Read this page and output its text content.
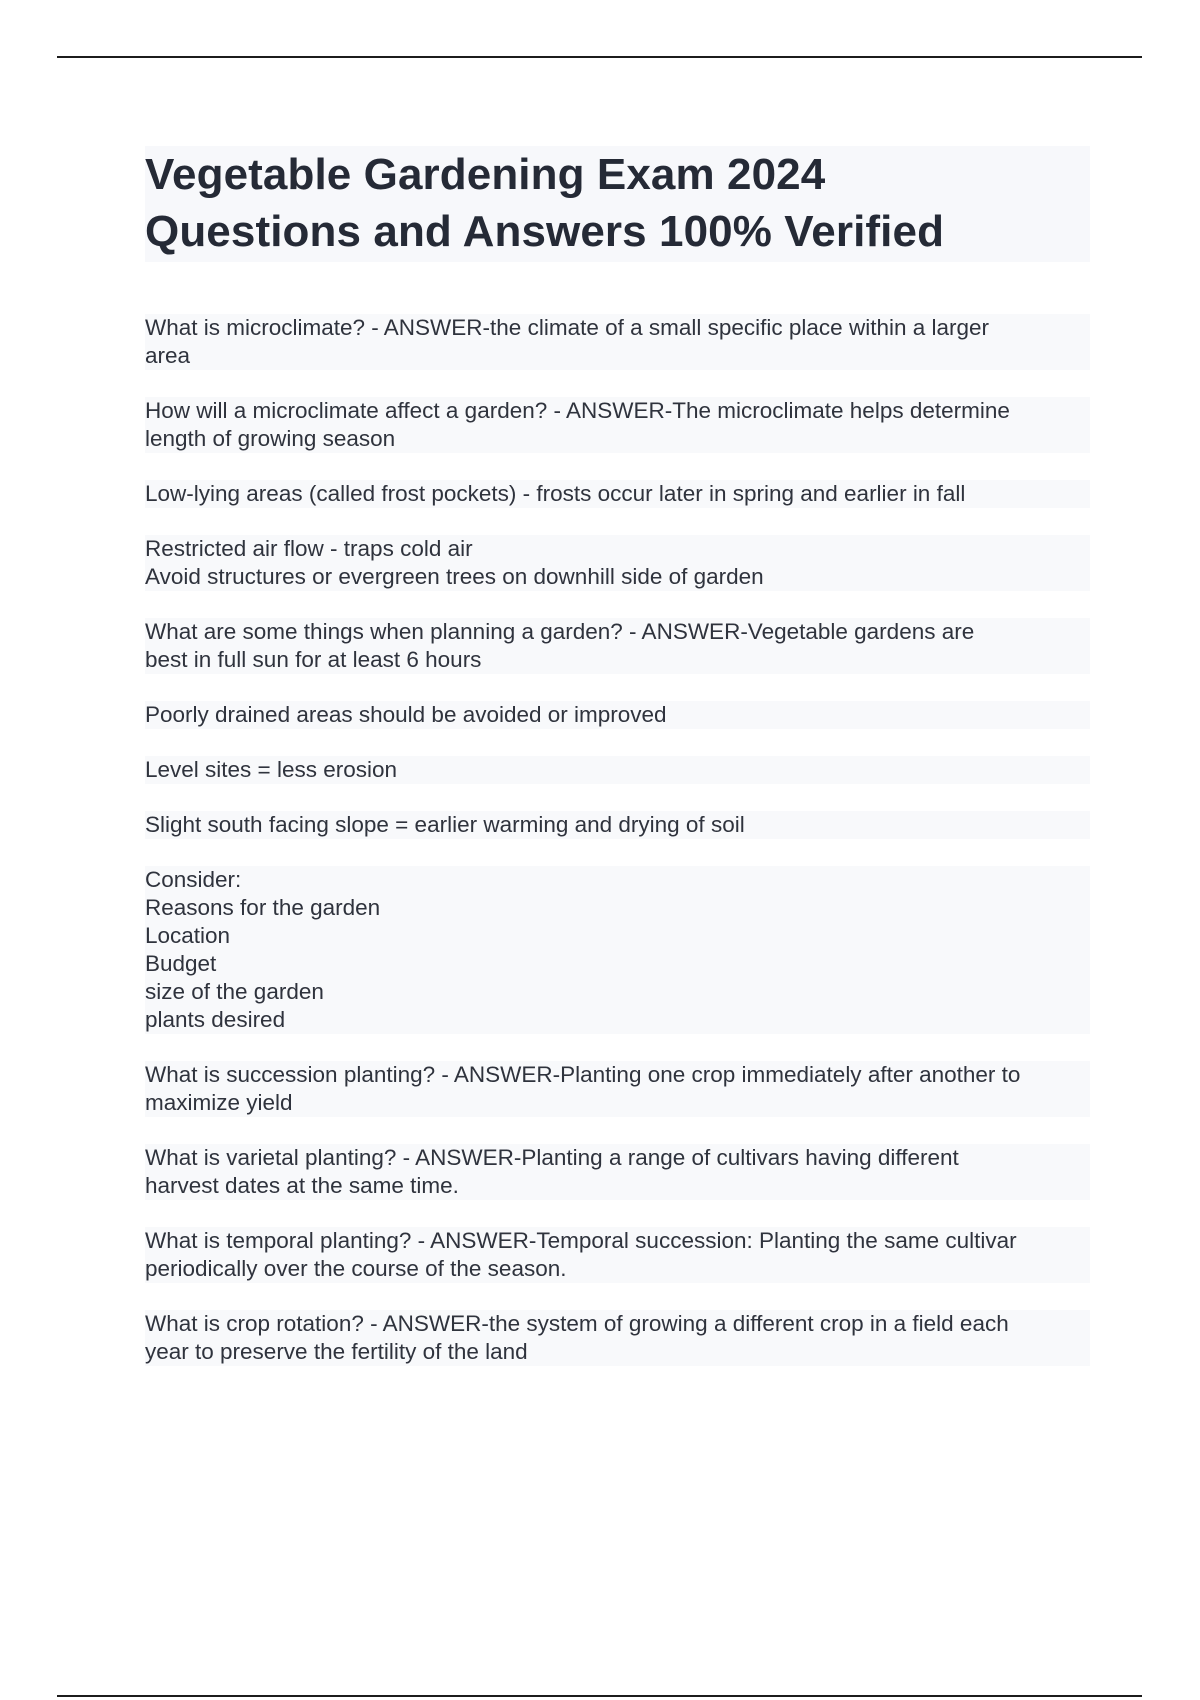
Vegetable Gardening Exam 2024
Questions and Answers 100% Verified
What is microclimate? - ANSWER-the climate of a small specific place within a larger
area
How will a microclimate affect a garden? - ANSWER-The microclimate helps determine
length of growing season
Low-lying areas (called frost pockets) - frosts occur later in spring and earlier in fall
Restricted air flow - traps cold air
Avoid structures or evergreen trees on downhill side of garden
What are some things when planning a garden? - ANSWER-Vegetable gardens are
best in full sun for at least 6 hours
Poorly drained areas should be avoided or improved
Level sites = less erosion
Slight south facing slope = earlier warming and drying of soil
Consider:
Reasons for the garden
Location
Budget
size of the garden
plants desired
What is succession planting? - ANSWER-Planting one crop immediately after another to
maximize yield
What is varietal planting? - ANSWER-Planting a range of cultivars having different
harvest dates at the same time.
What is temporal planting? - ANSWER-Temporal succession: Planting the same cultivar
periodically over the course of the season.
What is crop rotation? - ANSWER-the system of growing a different crop in a field each
year to preserve the fertility of the land
